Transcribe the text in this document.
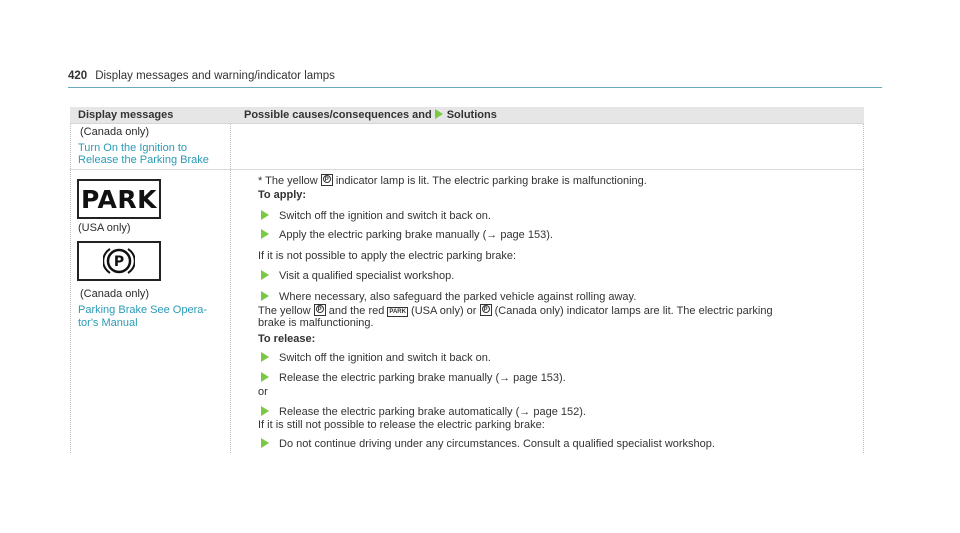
420 Display messages and warning/indicator lamps
Display messages	Possible causes/consequences and Solutions
(Canada only)
Turn On the Ignition to
Release the Parking Brake
PARK
(USA only)
P
(Canada only)
Parking Brake See Opera-
tor's Manual
* The yellow P indicator lamp is lit. The electric parking brake is malfunctioning.
To apply:
Switch off the ignition and switch it back on.
Apply the electric parking brake manually (→ page 153).
If it is not possible to apply the electric parking brake:
Visit a qualified specialist workshop.
Where necessary, also safeguard the parked vehicle against rolling away.
The yellow P and the red PARK (USA only) or P (Canada only) indicator lamps are lit. The electric parking
brake is malfunctioning.
To release:
Switch off the ignition and switch it back on.
Release the electric parking brake manually (→ page 153).
or
Release the electric parking brake automatically (→ page 152).
If it is still not possible to release the electric parking brake:
Do not continue driving under any circumstances. Consult a qualified specialist workshop.
